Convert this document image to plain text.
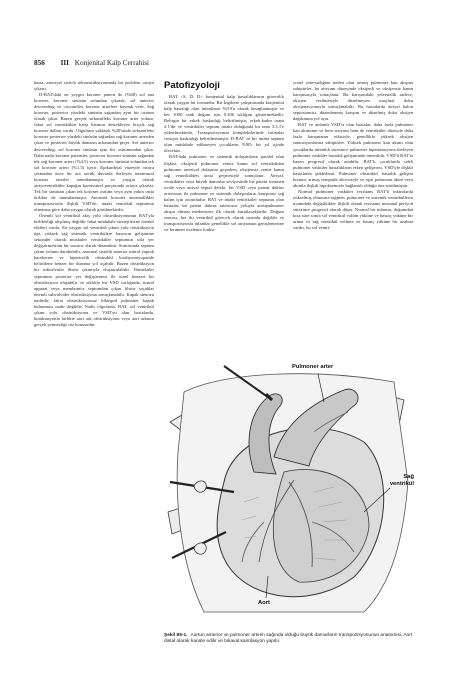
856 III Konjenital Kalp Cerrahisi

hasta, arteriyal switch rekonstrüksiyonunda bir problem ortaya çıkarır.

D-BAT'daki en yaygın koroner patern de (%68) sol ana koroner, koroner sinüsün solundan çıkarak, sol anterior descending ve circumflex koroner arterlere kaynak verir. Sağ koroner, posterior yüzdeki sinüsün sağından aynı bir ostium olarak çıkar. Bazen gerçek sirkumfleks koroner arter yoktur, fakat sol ventrikülün karşı kısmını destekleyen birçok sağ koroner dalları vardır. Olguların yaklaşık %20'sinde sirkumfleks koroner posterior yüzdeki sinüsün sağından sağ koroner arterden çıkar ve posterior büyük damarın arkasından geçer. Sol anterior descending, sol koroner sinüsün aynı bir ostiumundan çıkar. Daha nadir koroner paternler, posterior koroner sinüsün sağından tek sağ koroner arteri (%4.5) veya koroner sinüsün solundan tek sol koroner arteri (%1.5) içerir. Epikardiyal yüzeyde ortaya çıkmadan önce bir ara aortik duvarda ilerleyen intramural koroner arterler tanımlanmıştır ve yaygın olarak atriyoventriküler kapağın komissürel parçasında ortaya çıkarlar. Tek bir sinüstan çıkan tek koroner ostium veya aynı yakın ostia birlikte de tanımlanmıştır. Anormal koroner anormallikler transpozisyonla ilişkili VSD'de, intakt ventrikül septumun olmasına göre daha yaygın olarak görülmektedir.

Önemli sol ventrikül akış yolu obstrüksiyonunun BAT'yla birlikteliği alışılmış değildir fakat müdahale stratejilerine önemli etkileri vardır. En yaygın sol ventrikül çıkım yolu obstrüksiyon tipi, yüksek sağ sistemik ventrikülere basıncın gelişimine sekonder olarak muskuler ventriküler septumun sola yer değiştirmesinin bir sonucu olarak dinamiktir. Sonrasında septum çıkım yolunu daraltabilir, anormal sistolik anterior mitral yaprak hareketine ve hipertrofik obstruktif kardiyomiyopatide belirtilene benzer bir duruma yol açabilir. Bazen obstrüksiyon bir subvalvuler fibröz çıkıntıyla oluşturulabilir. Ventriküler septumun posterior yer değiştirmesi ile tünel benzeri bir obstrüksiyon oluşabilir ve sıklıkla bir VSD varlığında, mitral apparat veya membranöz septumdan çıkan fibröz saçaklar önemli subvalvüler obstrüksiyona sonuçlanabilir. Kapak stenozu nadirdir, fakat obstrüksiyonsuz biküspid pulmoner kapak bulunması nadir değildir. Nadir olgularda, BAT, sol ventrikül çıkım yolu obstrüksiyonu ve VSD'yu olan hastalarda, koarktasyonla birlikte aort ark obstrüksiyonu veya aort arkının gerçek yetmezliği söz konusudur.

Patofizyoloji

BAT <S, D, D> konjenital kalp hastalıklarının görecelik olarak yaygın bir formudur. Bir İngiltere çalışmasında konjenital kalp hastalığı olan infantların %9.9'u olarak hesaplanmıştır ve her 1000 canlı doğum için 0.206 sıklığını göstermektedir. Belirgin bir erkek baskınlığı belirtilmiştir, erkek:kadın oranı 2:1'dir ve ventriküler septum intakt olduğunda bu oran 3.3:1'e yükselmektedir. Transpozisyonun komplekslerinde fırtınalar cinsiyet baskınlığı belirtilmemiştir. D-BAT ve bir intakt septum olan müdahale edilmeyen çocukların %90'ı bir yıl içinde ölecektir.

BAT'daki pulmoner ve sistemik dolaşımların paralel olan ilişkisi, oksijenli pulmoner venöz kanın sol ventrikülden pulmoner arteriyal dolaşıma geçerken, oksijensiz venöz kanın sağ ventrikülden aorta geçmesiyle sonuçlanır. Atriyal, ventriküler veya büyük damarlar seviyesinde bir patent foramen ovale veya atriyal septal defekt, bir VSD veya patent duktus arteriosus ile pulmoner ve sistemik dolaşımların karışması sağ kalım için zorunludur. BAT ve intakt ventriküler septumu olan hastalar, bir patent duktus arteriosus yoluyla aortapulmoner akışın olması medeniyete ilk olarak kurtulacaklardır. Doğum sonrası, her iki ventrikül göreceli olarak uyumlu değildir ve transpozisyonlu infantlar genellikle sol atriyumun genişlemesine ve foramen ovalenin fonksi-

yonel yetersizliğine neden olan artmış pulmoner kan akışına sahiptirler, bu atriyum düzeyinde oksijenli ve oksijensiz kanın karışmasıyla sonuçlanır. Bu karışımdaki yetersizlik sadece, oksijen verilmesiyle düzelmeyen marjinal doku oksijenasyonuyla sonuçlanabilir. Bu hastalarda atriyal balon septostomisi, düzenlenmiş karışım ve düzelmiş doku oksijen dağılımına yol açar.

BAT ve anlamlı VSD'si olan hastalar, daha fazla pulmoner kan akımının ve hem atriyum hem de ventriküler düzeyde daha fazla karışmanın etkisiyle, genellikle yüksek oksijen saturasyonlarına sahiptirler. Yüksek pulmoner kan akımı olan çocuklarda infantlık süresince pulmoner hipertansiyona ilerleyen pulmoner vasküler hastalık gelişiminde önemlidir. VSD'li BAT'ta bazen progresif olarak artabilir. BAT'lı çocuklarda ciddi pulmoner vasküler hastalıkların erken gelişmesi, VSD'yle ilişkili hastalarda şiddetlenir. Pulmoner obstrüktif hastalık gelişim hızının, artmış sempatik aktiviteyle ve aşırı pulmoner akım veya akımla ilişkili hipoksemiyle bağlantılı olduğu öne sürülmüştür.

Normal pulmoner vasküler rezistans BAT'lı infantlarda yükselmiş olmasına rağmen, pulmoner ve sistemik ventriküllerin uyumdaki değişiklikler ilişkili olarak rezistans neonatal periyod süresince progresif olarak düşer. Normal bir infantta, doğumdan kısa süre sonra sol ventrikül volüm yüküne ve basınç yüküne bir artma ve sağ ventrikül volüme ve basınç yüküne bir azalma vardır, bu sol ventri-

Pulmoner arter
Sağ ventrikül
Aort
Şekil 85-1. Aortun anterior ve pulmoner arterin sağında olduğu büyük damarların transpozisyonunun anatomisi. Aort distal olarak kanüle edilir ve bikaval kanülasyon yapılır.
